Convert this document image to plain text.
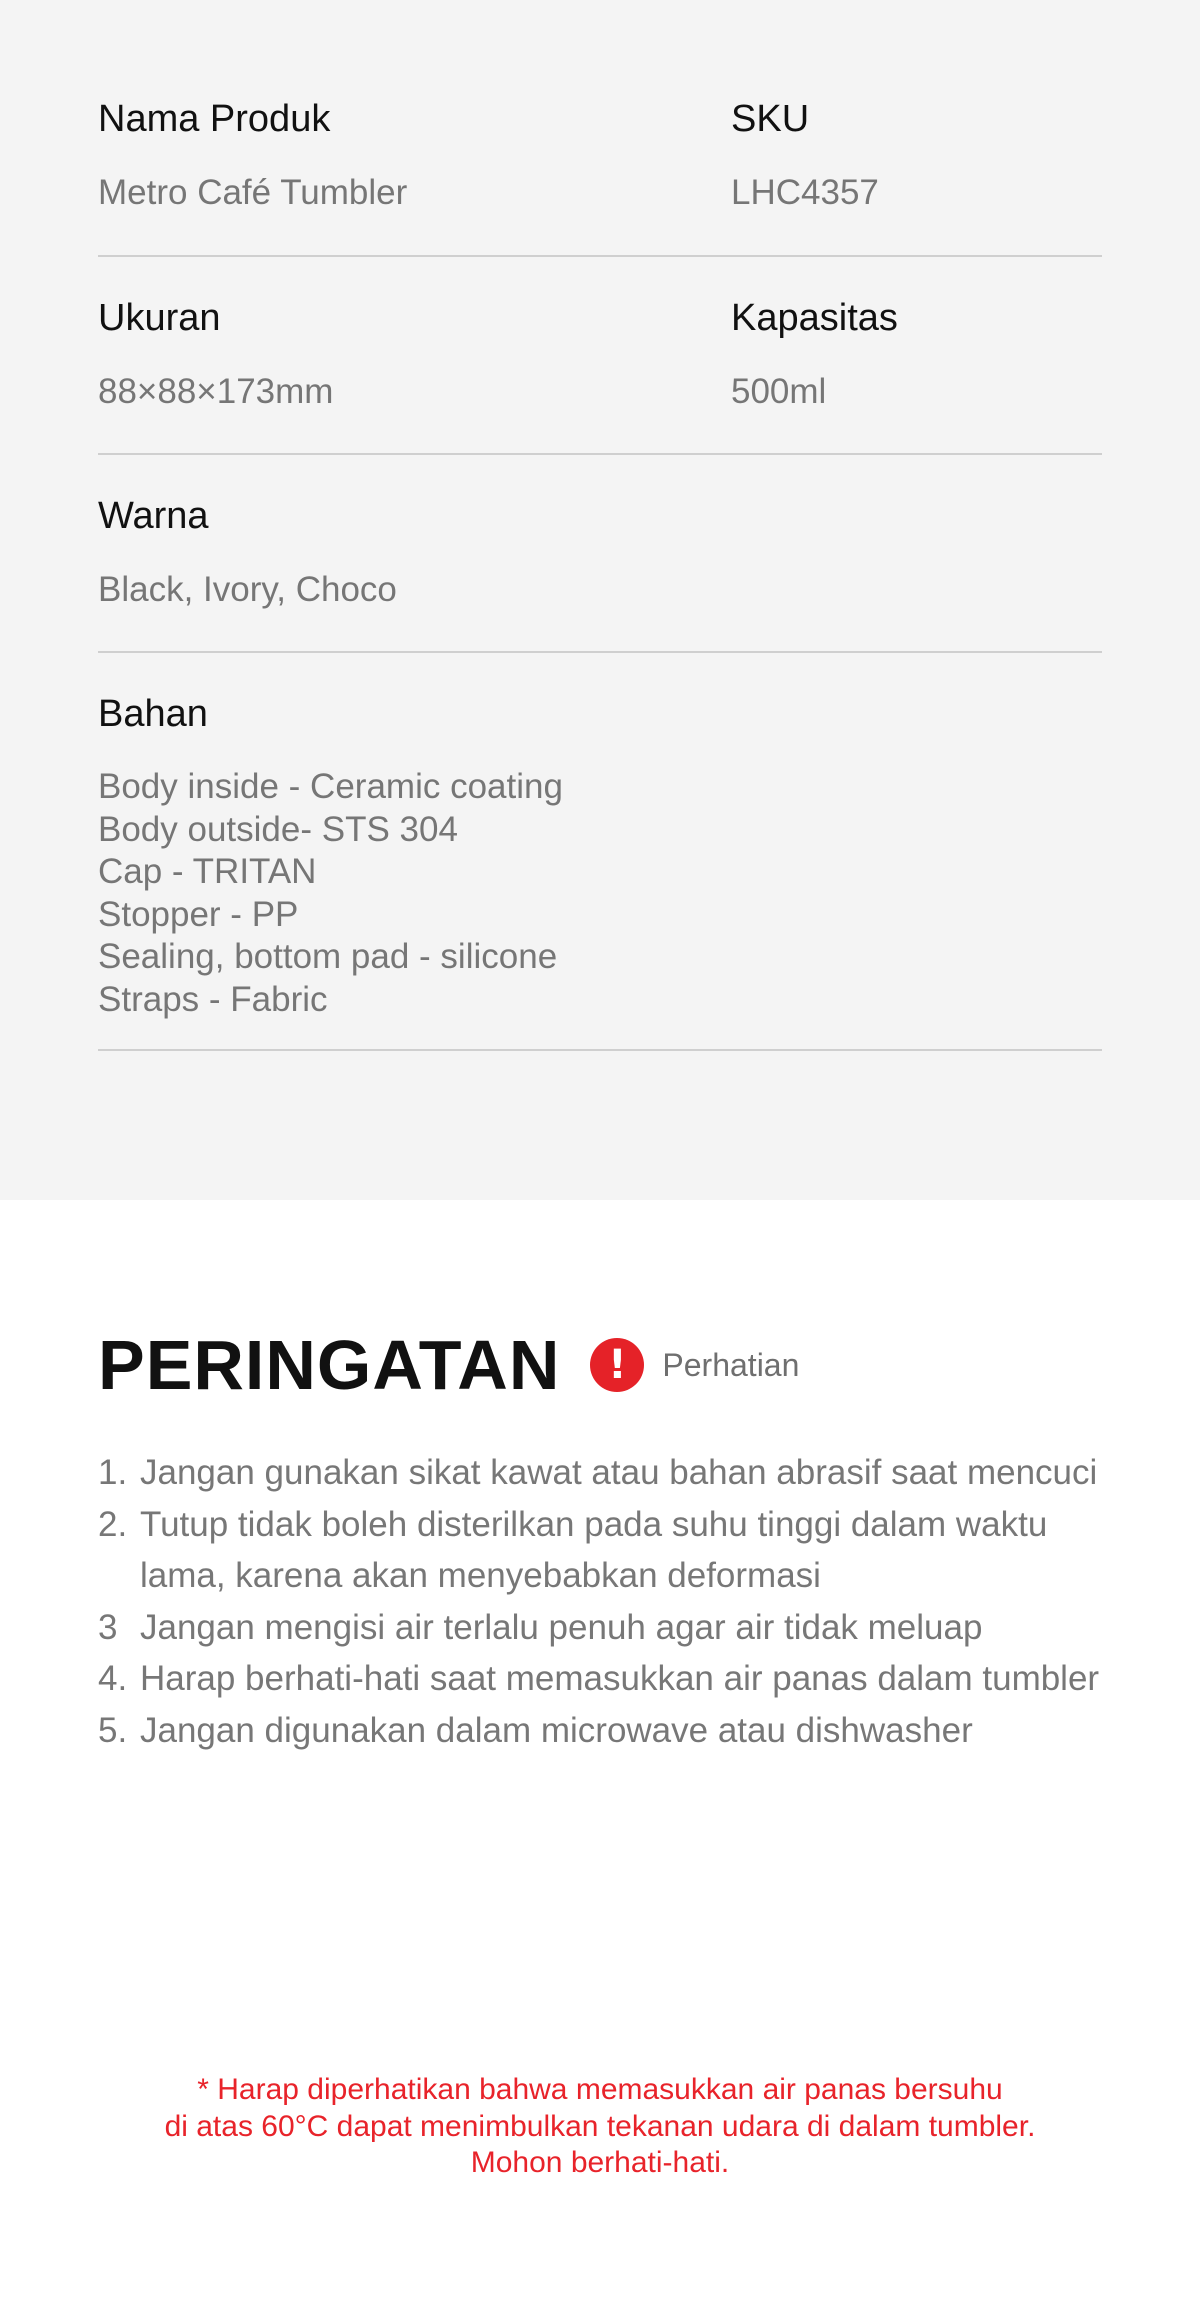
Nama Produk

Metro Café Tumbler

SKU

LHC4357

Ukuran

88×88×173mm

Kapasitas

500ml

Warna

Black, Ivory, Choco

Bahan

Body inside - Ceramic coating
Body outside- STS 304
Cap - TRITAN
Stopper - PP
Sealing, bottom pad - silicone
Straps - Fabric
PERINGATAN	!	Perhatian
1. Jangan gunakan sikat kawat atau bahan abrasif saat mencuci
2. Tutup tidak boleh disterilkan pada suhu tinggi dalam waktu lama, karena akan menyebabkan deformasi
3 Jangan mengisi air terlalu penuh agar air tidak meluap
4. Harap berhati-hati saat memasukkan air panas dalam tumbler
5. Jangan digunakan dalam microwave atau dishwasher
* Harap diperhatikan bahwa memasukkan air panas bersuhu
di atas 60°C dapat menimbulkan tekanan udara di dalam tumbler.
Mohon berhati-hati.
